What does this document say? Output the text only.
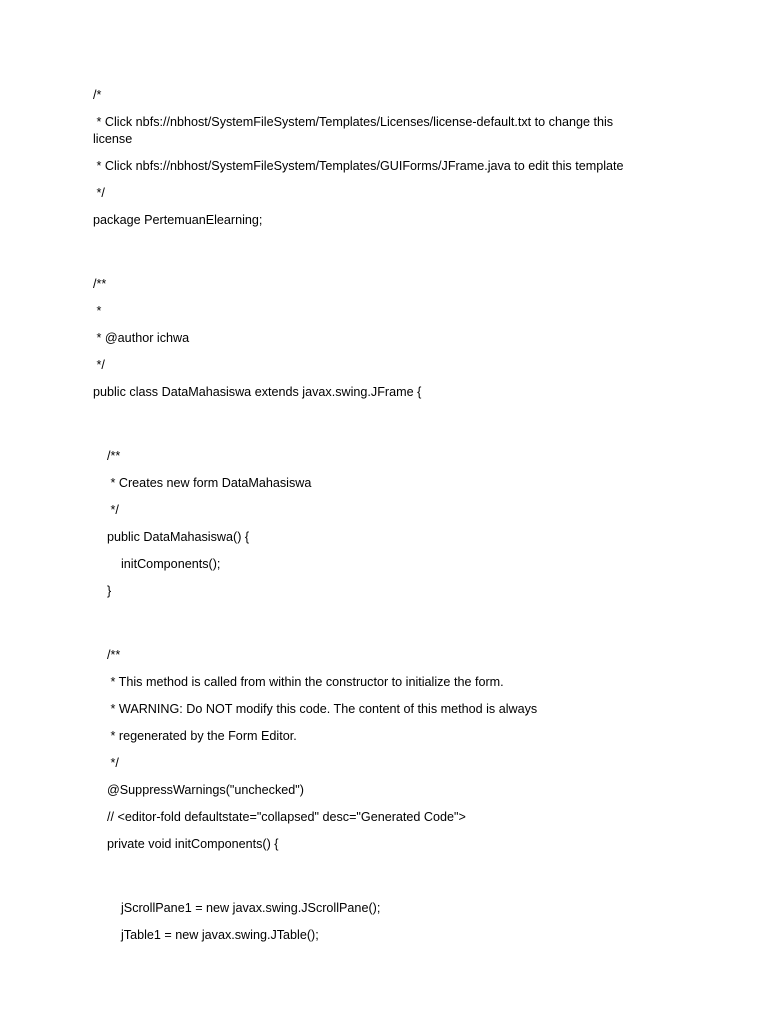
/*
* Click nbfs://nbhost/SystemFileSystem/Templates/Licenses/license-default.txt to change this license
* Click nbfs://nbhost/SystemFileSystem/Templates/GUIForms/JFrame.java to edit this template
*/
package PertemuanElearning;
/**
*
* @author ichwa
*/
public class DataMahasiswa extends javax.swing.JFrame {
/**
* Creates new form DataMahasiswa
*/
public DataMahasiswa() {
initComponents();
}
/**
* This method is called from within the constructor to initialize the form.
* WARNING: Do NOT modify this code. The content of this method is always
* regenerated by the Form Editor.
*/
@SuppressWarnings("unchecked")
// <editor-fold defaultstate="collapsed" desc="Generated Code">
private void initComponents() {
jScrollPane1 = new javax.swing.JScrollPane();
jTable1 = new javax.swing.JTable();
